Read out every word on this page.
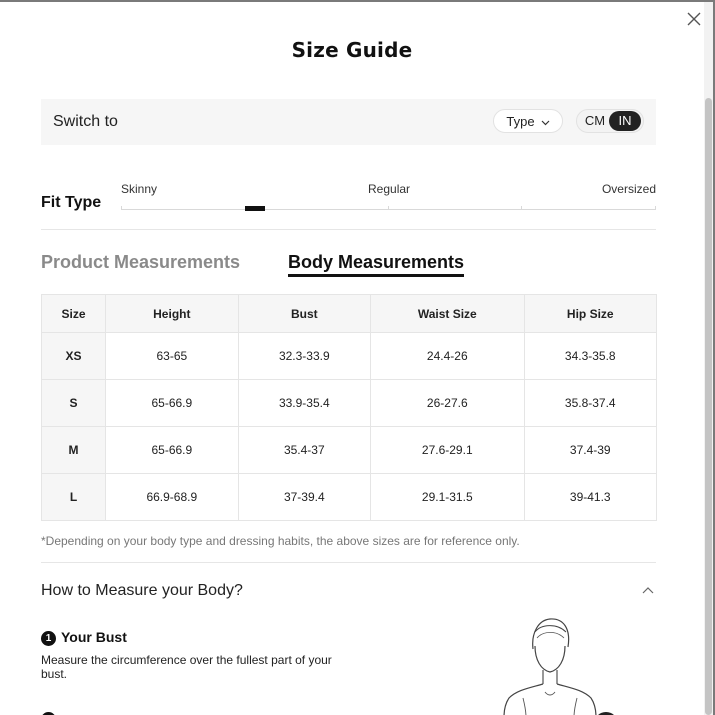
Size Guide
Switch to	Type	CM	IN
Fit Type
Skinny	Regular	Oversized
Product Measurements	Body Measurements
Size	Height	Bust	Waist Size	Hip Size
XS	63-65	32.3-33.9	24.4-26	34.3-35.8
S	65-66.9	33.9-35.4	26-27.6	35.8-37.4
M	65-66.9	35.4-37	27.6-29.1	37.4-39
L	66.9-68.9	37-39.4	29.1-31.5	39-41.3
*Depending on your body type and dressing habits, the above sizes are for reference only.
How to Measure your Body?
1 Your Bust
Measure the circumference over the fullest part of your bust.
